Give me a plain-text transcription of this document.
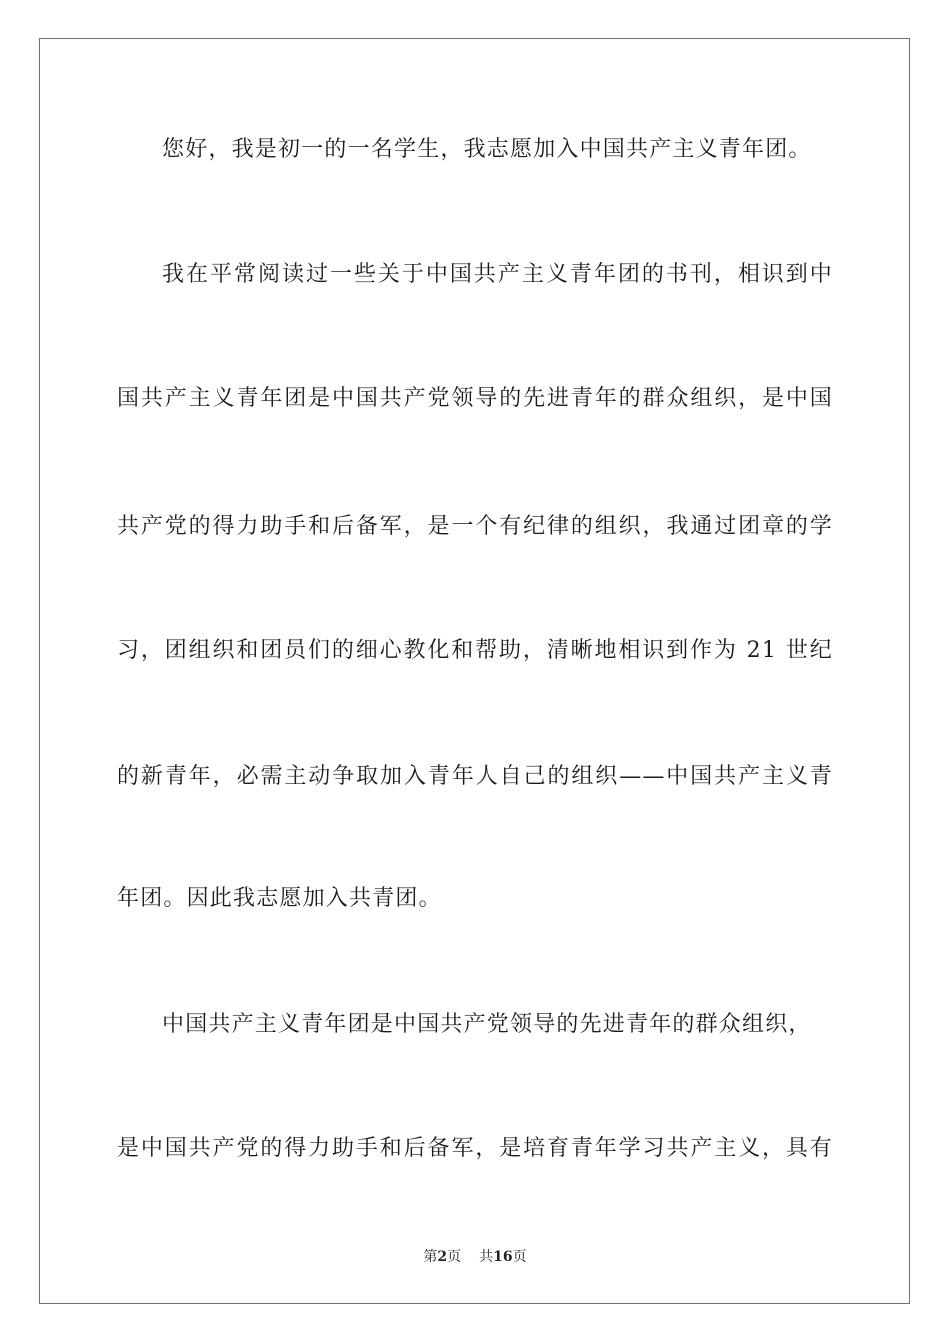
您好，我是初一的一名学生，我志愿加入中国共产主义青年团。
我在平常阅读过一些关于中国共产主义青年团的书刊，相识到中
国共产主义青年团是中国共产党领导的先进青年的群众组织，是中国
共产党的得力助手和后备军，是一个有纪律的组织，我通过团章的学
习，团组织和团员们的细心教化和帮助，清晰地相识到作为 21 世纪
的新青年，必需主动争取加入青年人自己的组织——中国共产主义青
年团。因此我志愿加入共青团。
中国共产主义青年团是中国共产党领导的先进青年的群众组织，
是中国共产党的得力助手和后备军，是培育青年学习共产主义，具有
第2页 共16页
